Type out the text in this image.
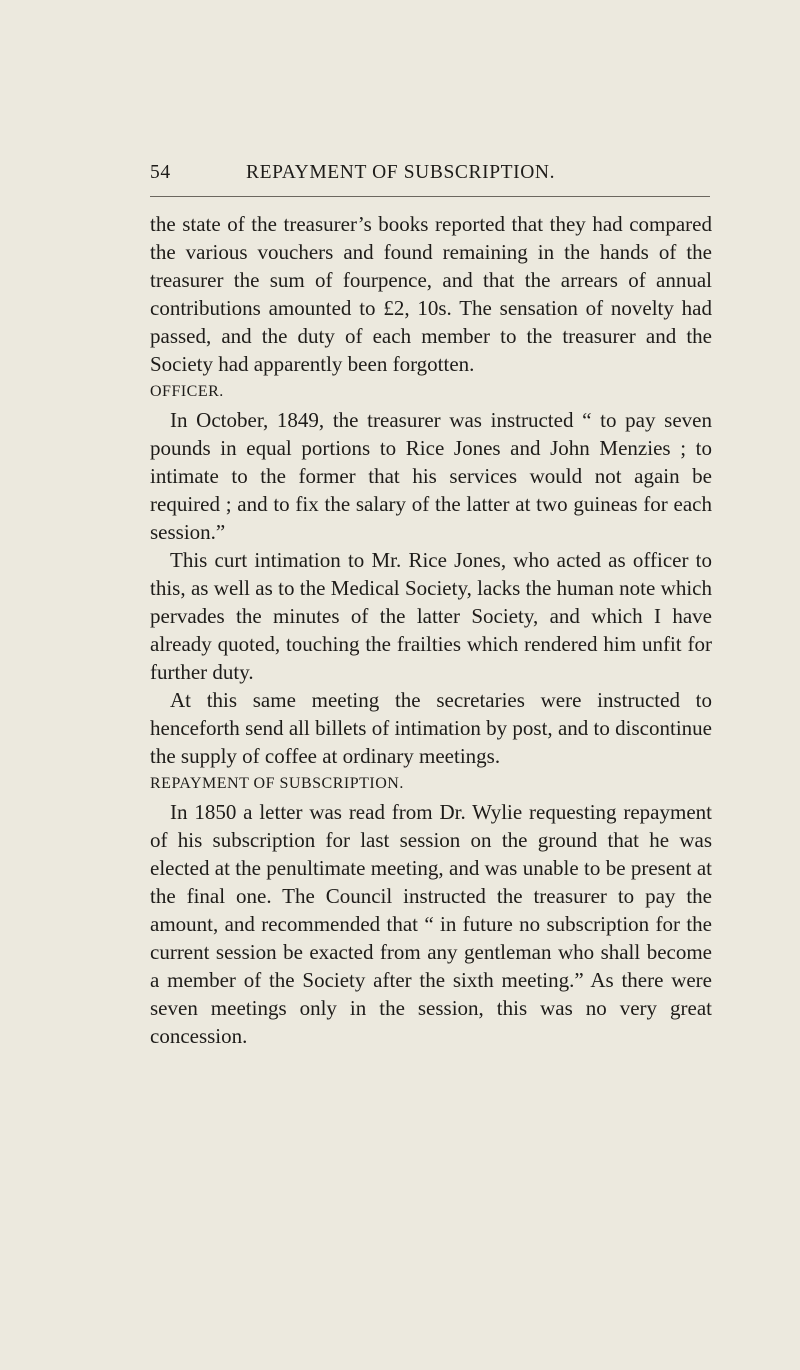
54	REPAYMENT OF SUBSCRIPTION.

the state of the treasurer’s books reported that they had compared the various vouchers and found remaining in the hands of the treasurer the sum of fourpence, and that the arrears of annual contributions amounted to £2, 10s. The sensation of novelty had passed, and the duty of each member to the treasurer and the Society had apparently been forgotten.

OFFICER.

In October, 1849, the treasurer was instructed “ to pay seven pounds in equal portions to Rice Jones and John Menzies ; to intimate to the former that his services would not again be required ; and to fix the salary of the latter at two guineas for each session.”

This curt intimation to Mr. Rice Jones, who acted as officer to this, as well as to the Medical Society, lacks the human note which pervades the minutes of the latter Society, and which I have already quoted, touching the frailties which rendered him unfit for further duty.

At this same meeting the secretaries were instructed to henceforth send all billets of intimation by post, and to discontinue the supply of coffee at ordinary meetings.

REPAYMENT OF SUBSCRIPTION.

In 1850 a letter was read from Dr. Wylie requesting repayment of his subscription for last session on the ground that he was elected at the penultimate meeting, and was unable to be present at the final one. The Council instructed the treasurer to pay the amount, and recommended that “ in future no subscription for the current session be exacted from any gentleman who shall become a member of the Society after the sixth meeting.” As there were seven meetings only in the session, this was no very great concession.
